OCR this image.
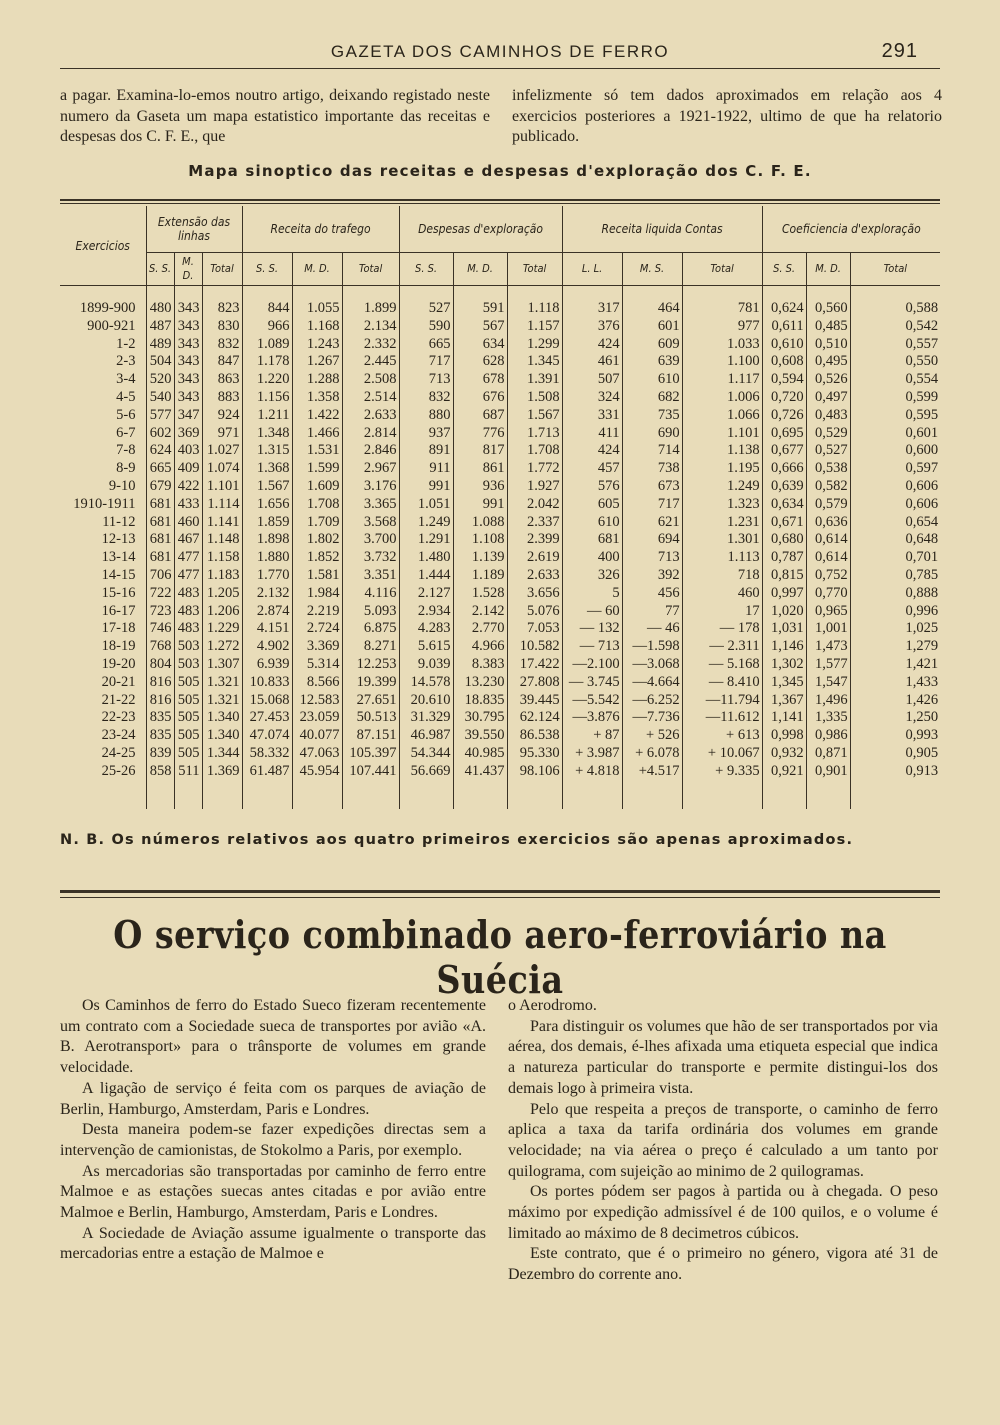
GAZETA DOS CAMINHOS DE FERRO	291
a pagar. Examina-lo-emos noutro artigo, deixando registado neste numero da Gaseta um mapa estatistico importante das receitas e despesas dos C. F. E., que
infelizmente só tem dados aproximados em relação aos 4 exercicios posteriores a 1921-1922, ultimo de que ha relatorio publicado.
Mapa sinoptico das receitas e despesas d'exploração dos C. F. E.
Exercicios	Extensão das linhas			Receita do trafego			Despesas d'exploração			Receita liquida Contas			Coeficiencia d'exploração		
	S. S.	M. D.	Total	S. S.	M. D.	Total	S. S.	M. D.	Total	L. L.	M. S.	Total	S. S.	M. D.	Total

1899-900	480	343	823	844	1.055	1.899	527	591	1.118	317	464	781	0,624	0,560	0,588
900-921	487	343	830	966	1.168	2.134	590	567	1.157	376	601	977	0,611	0,485	0,542
1-2	489	343	832	1.089	1.243	2.332	665	634	1.299	424	609	1.033	0,610	0,510	0,557
2-3	504	343	847	1.178	1.267	2.445	717	628	1.345	461	639	1.100	0,608	0,495	0,550
3-4	520	343	863	1.220	1.288	2.508	713	678	1.391	507	610	1.117	0,594	0,526	0,554
4-5	540	343	883	1.156	1.358	2.514	832	676	1.508	324	682	1.006	0,720	0,497	0,599
5-6	577	347	924	1.211	1.422	2.633	880	687	1.567	331	735	1.066	0,726	0,483	0,595
6-7	602	369	971	1.348	1.466	2.814	937	776	1.713	411	690	1.101	0,695	0,529	0,601
7-8	624	403	1.027	1.315	1.531	2.846	891	817	1.708	424	714	1.138	0,677	0,527	0,600
8-9	665	409	1.074	1.368	1.599	2.967	911	861	1.772	457	738	1.195	0,666	0,538	0,597
9-10	679	422	1.101	1.567	1.609	3.176	991	936	1.927	576	673	1.249	0,639	0,582	0,606
1910-1911	681	433	1.114	1.656	1.708	3.365	1.051	991	2.042	605	717	1.323	0,634	0,579	0,606
11-12	681	460	1.141	1.859	1.709	3.568	1.249	1.088	2.337	610	621	1.231	0,671	0,636	0,654
12-13	681	467	1.148	1.898	1.802	3.700	1.291	1.108	2.399	681	694	1.301	0,680	0,614	0,648
13-14	681	477	1.158	1.880	1.852	3.732	1.480	1.139	2.619	400	713	1.113	0,787	0,614	0,701
14-15	706	477	1.183	1.770	1.581	3.351	1.444	1.189	2.633	326	392	718	0,815	0,752	0,785
15-16	722	483	1.205	2.132	1.984	4.116	2.127	1.528	3.656	5	456	460	0,997	0,770	0,888
16-17	723	483	1.206	2.874	2.219	5.093	2.934	2.142	5.076	— 60	77	17	1,020	0,965	0,996
17-18	746	483	1.229	4.151	2.724	6.875	4.283	2.770	7.053	— 132	— 46	— 178	1,031	1,001	1,025
18-19	768	503	1.272	4.902	3.369	8.271	5.615	4.966	10.582	— 713	—1.598	— 2.311	1,146	1,473	1,279
19-20	804	503	1.307	6.939	5.314	12.253	9.039	8.383	17.422	—2.100	—3.068	— 5.168	1,302	1,577	1,421
20-21	816	505	1.321	10.833	8.566	19.399	14.578	13.230	27.808	— 3.745	—4.664	— 8.410	1,345	1,547	1,433
21-22	816	505	1.321	15.068	12.583	27.651	20.610	18.835	39.445	—5.542	—6.252	—11.794	1,367	1,496	1,426
22-23	835	505	1.340	27.453	23.059	50.513	31.329	30.795	62.124	—3.876	—7.736	—11.612	1,141	1,335	1,250
23-24	835	505	1.340	47.074	40.077	87.151	46.987	39.550	86.538	+ 87	+ 526	+ 613	0,998	0,986	0,993
24-25	839	505	1.344	58.332	47.063	105.397	54.344	40.985	95.330	+ 3.987	+ 6.078	+ 10.067	0,932	0,871	0,905
25-26	858	511	1.369	61.487	45.954	107.441	56.669	41.437	98.106	+ 4.818	+4.517	+ 9.335	0,921	0,901	0,913

N. B. Os números relativos aos quatro primeiros exercicios são apenas aproximados.
O serviço combinado aero-ferroviário na Suécia

Os Caminhos de ferro do Estado Sueco fizeram recentemente um contrato com a Sociedade sueca de transportes por avião «A. B. Aerotransport» para o trânsporte de volumes em grande velocidade.

A ligação de serviço é feita com os parques de aviação de Berlin, Hamburgo, Amsterdam, Paris e Londres.

Desta maneira podem-se fazer expedições directas sem a intervenção de camionistas, de Stokolmo a Paris, por exemplo.

As mercadorias são transportadas por caminho de ferro entre Malmoe e as estações suecas antes citadas e por avião entre Malmoe e Berlin, Hamburgo, Amsterdam, Paris e Londres.

A Sociedade de Aviação assume igualmente o transporte das mercadorias entre a estação de Malmoe e

o Aerodromo.

Para distinguir os volumes que hão de ser transportados por via aérea, dos demais, é-lhes afixada uma etiqueta especial que indica a natureza particular do transporte e permite distingui-los dos demais logo à primeira vista.

Pelo que respeita a preços de transporte, o caminho de ferro aplica a taxa da tarifa ordinária dos volumes em grande velocidade; na via aérea o preço é calculado a um tanto por quilograma, com sujeição ao minimo de 2 quilogramas.

Os portes pódem ser pagos à partida ou à chegada. O peso máximo por expedição admissível é de 100 quilos, e o volume é limitado ao máximo de 8 decimetros cúbicos.

Este contrato, que é o primeiro no género, vigora até 31 de Dezembro do corrente ano.
